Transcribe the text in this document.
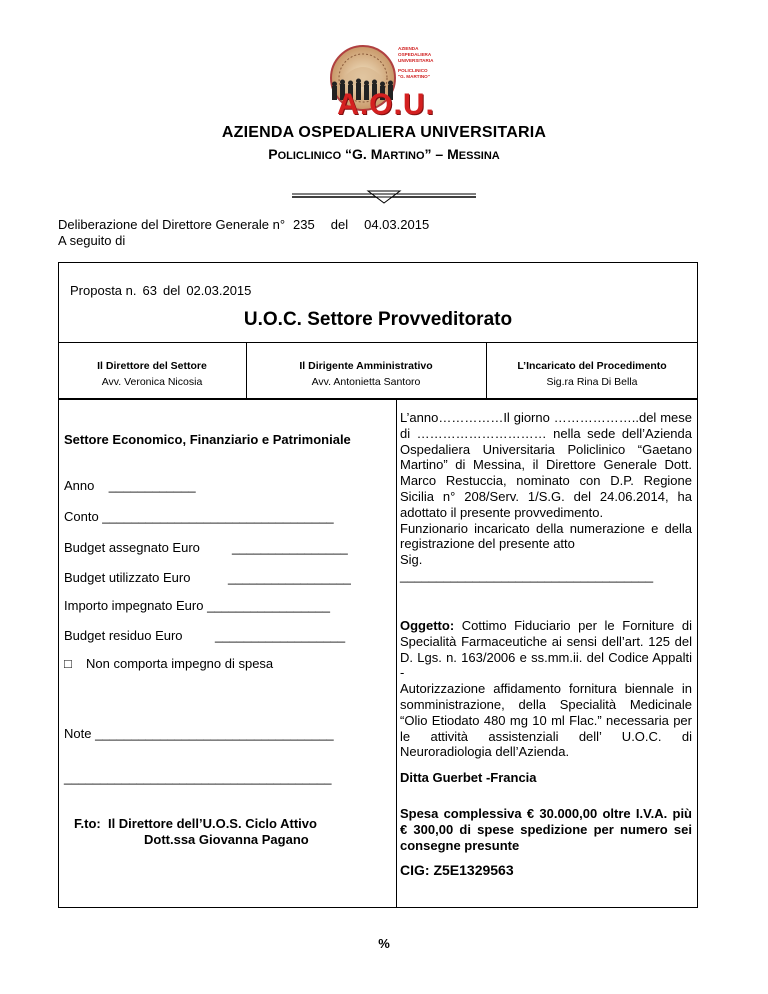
AZIENDA
OSPEDALIERA
UNIVERSITARIA
POLICLINICO
"G. MARTINO"
A.O.U.
AZIENDA OSPEDALIERA UNIVERSITARIA
POLICLINICO “G. MARTINO” – MESSINA
Deliberazione del Direttore Generale n° 235 del 04.03.2015
A seguito di
Proposta n. 63 del 02.03.2015
U.O.C. Settore Provveditorato
Il Direttore del Settore
Avv. Veronica Nicosia
Il Dirigente Amministrativo
Avv. Antonietta Santoro
L’Incaricato del Procedimento
Sig.ra Rina Di Bella
Settore Economico, Finanziario e Patrimoniale
Anno    ____________
Conto ________________________________
Budget assegnato Euro ________________
Budget utilizzato Euro	_________________
Importo impegnato Euro _________________
Budget residuo Euro __________________
□ Non comporta impegno di spesa
Note _________________________________
_____________________________________
F.to: Il Direttore dell’U.O.S. Ciclo Attivo
Dott.ssa Giovanna Pagano

L’anno……………Il giorno ………………..del mese di ………………………… nella sede dell’Azienda Ospedaliera Universitaria Policlinico “Gaetano Martino” di Messina, il Direttore Generale Dott. Marco Restuccia, nominato con D.P. Regione Sicilia n° 208/Serv. 1/S.G. del 24.06.2014, ha adottato il presente provvedimento.

Funzionario incaricato della numerazione e della registrazione del presente atto

Sig.

___________________________________

Oggetto: Cottimo Fiduciario per le Forniture di Specialità Farmaceutiche ai sensi dell’art. 125 del D. Lgs. n. 163/2006 e ss.mm.ii. del Codice Appalti -
Autorizzazione affidamento fornitura biennale in somministrazione, della Specialità Medicinale “Olio Etiodato 480 mg 10 ml Flac.” necessaria per le attività assistenziali dell’ U.O.C. di Neuroradiologia dell’Azienda.
Ditta Guerbet -Francia
Spesa complessiva € 30.000,00 oltre I.V.A. più € 300,00 di spese spedizione per numero sei consegne presunte
CIG: Z5E1329563
%
